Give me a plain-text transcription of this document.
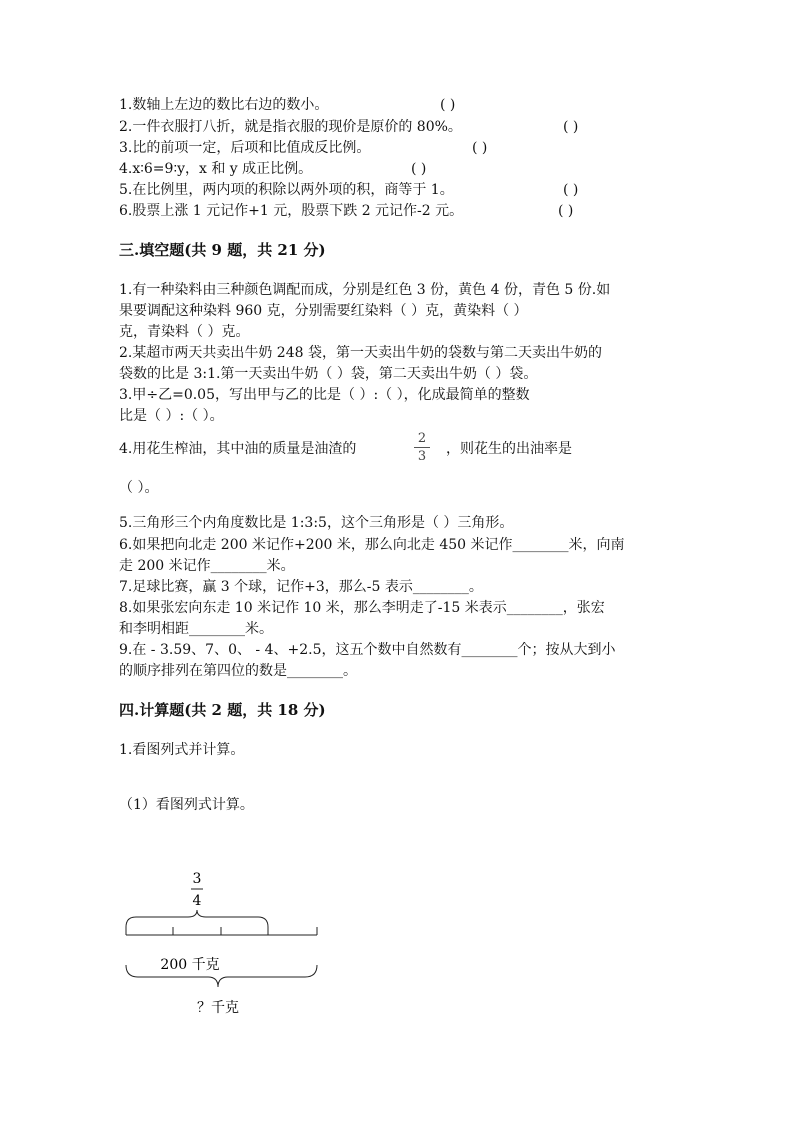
1.数轴上左边的数比右边的数小。	( )
2.一件衣服打八折，就是指衣服的现价是原价的 80%。	( )
3.比的前项一定，后项和比值成反比例。	( )
4.x∶6=9∶y，x 和 y 成正比例。	( )
5.在比例里，两内项的积除以两外项的积，商等于 1。	( )
6.股票上涨 1 元记作+1 元，股票下跌 2 元记作-2 元。	( )
三.填空题(共 9 题，共 21 分)
1.有一种染料由三种颜色调配而成，分别是红色 3 份，黄色 4 份，青色 5 份.如
果要调配这种染料 960 克，分别需要红染料（ ）克，黄染料（ ）
克，青染料（ ）克。
2.某超市两天共卖出牛奶 248 袋，第一天卖出牛奶的袋数与第二天卖出牛奶的
袋数的比是 3:1.第一天卖出牛奶（ ）袋，第二天卖出牛奶（ ）袋。
3.甲÷乙=0.05，写出甲与乙的比是（ ）:（ ），化成最简单的整数
比是（ ）:（ ）。
4.用花生榨油，其中油的质量是油渣的
2
3 ，则花生的出油率是
（ ）。
5.三角形三个内角度数比是 1:3:5，这个三角形是（ ）三角形。
6.如果把向北走 200 米记作+200 米，那么向北走 450 米记作________米，向南
走 200 米记作________米。
7.足球比赛，赢 3 个球，记作+3，那么-5 表示________。
8.如果张宏向东走 10 米记作 10 米，那么李明走了-15 米表示________，张宏
和李明相距________米。
9.在 - 3.59、7、0、 - 4、+2.5，这五个数中自然数有________个；按从大到小
的顺序排列在第四位的数是________。
四.计算题(共 2 题，共 18 分)
1.看图列式并计算。
（1）看图列式计算。
3
4
200 千克
？千克
